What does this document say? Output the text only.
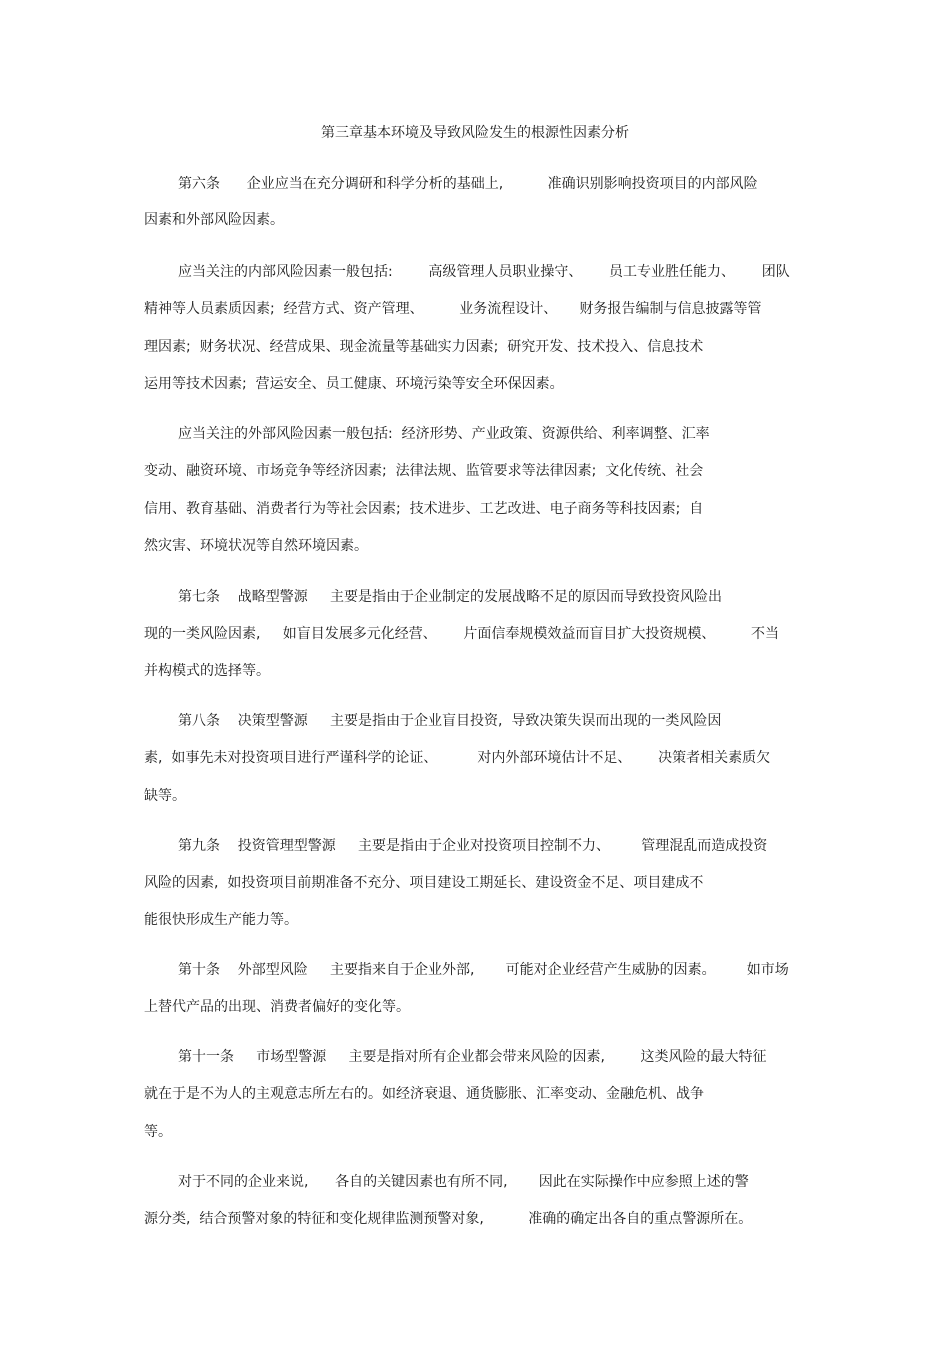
第三章基本环境及导致风险发生的根源性因素分析
第六条      企业应当在充分调研和科学分析的基础上,          准确识别影响投资项目的内部风险
因素和外部风险因素。
应当关注的内部风险因素一般包括:        高级管理人员职业操守、      员工专业胜任能力、      团队
精神等人员素质因素;  经营方式、资产管理、        业务流程设计、     财务报告编制与信息披露等管
理因素;  财务状况、经营成果、现金流量等基础实力因素;  研究开发、技术投入、信息技术
运用等技术因素;  营运安全、员工健康、环境污染等安全环保因素。
应当关注的外部风险因素一般包括:  经济形势、产业政策、资源供给、利率调整、汇率
变动、融资环境、市场竞争等经济因素;  法律法规、监管要求等法律因素;  文化传统、社会
信用、教育基础、消费者行为等社会因素;  技术进步、工艺改进、电子商务等科技因素;  自
然灾害、环境状况等自然环境因素。
第七条    战略型警源     主要是指由于企业制定的发展战略不足的原因而导致投资风险出
现的一类风险因素,     如盲目发展多元化经营、      片面信奉规模效益而盲目扩大投资规模、        不当
并构模式的选择等。
第八条    决策型警源     主要是指由于企业盲目投资,  导致决策失误而出现的一类风险因
素,  如事先未对投资项目进行严谨科学的论证、         对内外部环境估计不足、      决策者相关素质欠
缺等。
第九条    投资管理型警源     主要是指由于企业对投资项目控制不力、       管理混乱而造成投资
风险的因素,  如投资项目前期准备不充分、项目建设工期延长、建设资金不足、项目建成不
能很快形成生产能力等。
第十条    外部型风险     主要指来自于企业外部,       可能对企业经营产生威胁的因素。       如市场
上替代产品的出现、消费者偏好的变化等。
第十一条     市场型警源     主要是指对所有企业都会带来风险的因素,        这类风险的最大特征
就在于是不为人的主观意志所左右的。如经济衰退、通货膨胀、汇率变动、金融危机、战争
等。
对于不同的企业来说,      各自的关键因素也有所不同,       因此在实际操作中应参照上述的警
源分类,  结合预警对象的特征和变化规律监测预警对象,          准确的确定出各自的重点警源所在。
